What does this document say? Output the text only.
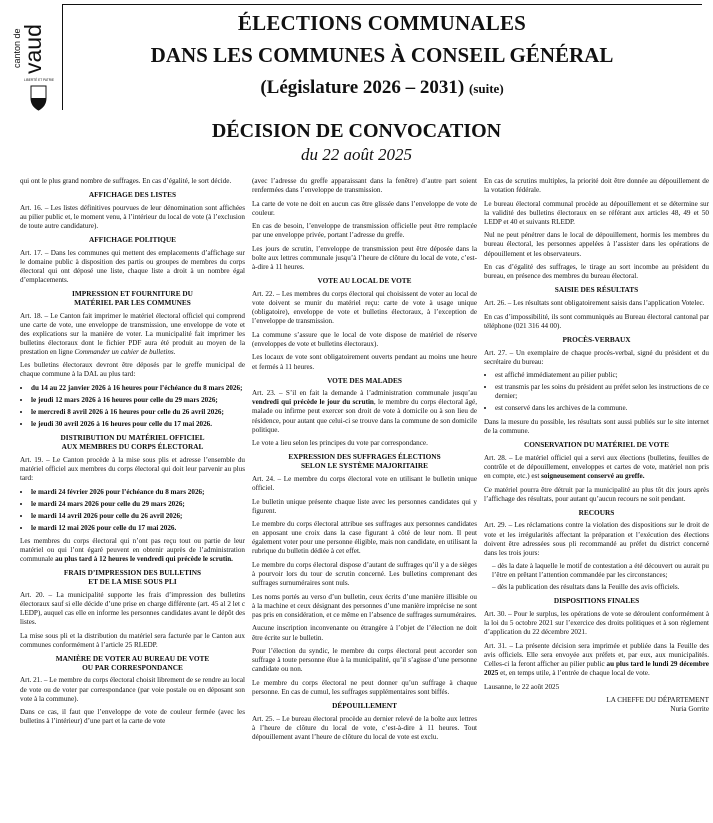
canton de
vaud
LIBERTÉ ET PATRIE
ÉLECTIONS COMMUNALES
DANS LES COMMUNES À CONSEIL GÉNÉRAL
(Législature 2026 – 2031) (suite)
DÉCISION DE CONVOCATION
du 22 août 2025

qui ont le plus grand nombre de suffrages. En cas d’égalité, le sort décide.

AFFICHAGE DES LISTES

Art. 16. – Les listes définitives pourvues de leur dénomination sont affichées au pilier public et, le moment venu, à l’intérieur du local de vote (à l’exclusion de toute autre candidature).

AFFICHAGE POLITIQUE

Art. 17. – Dans les communes qui mettent des emplacements d’affichage sur le domaine public à disposition des partis ou groupes de membres du corps électoral qui ont déposé une liste, chaque liste a droit à un nombre égal d’emplacements.

IMPRESSION ET FOURNITURE DU
MATÉRIEL PAR LES COMMUNES

Art. 18. – Le Canton fait imprimer le matériel électoral officiel qui comprend une carte de vote, une enveloppe de transmission, une enveloppe de vote et des explications sur la manière de voter. La municipalité fait imprimer les bulletins électoraux dont le fichier PDF aura été produit au moyen de la prestation en ligne Commander un cahier de bulletins.

Les bulletins électoraux devront être déposés par le greffe municipal de chaque commune à la DAL au plus tard:

• du 14 au 22 janvier 2026 à 16 heures pour l’échéance du 8 mars 2026;
• le jeudi 12 mars 2026 à 16 heures pour celle du 29 mars 2026;
• le mercredi 8 avril 2026 à 16 heures pour celle du 26 avril 2026;
• le jeudi 30 avril 2026 à 16 heures pour celle du 17 mai 2026.
DISTRIBUTION DU MATÉRIEL OFFICIEL
AUX MEMBRES DU CORPS ÉLECTORAL

Art. 19. – Le Canton procède à la mise sous plis et adresse l’ensemble du matériel officiel aux membres du corps électoral qui doit leur parvenir au plus tard:

• le mardi 24 février 2026 pour l’échéance du 8 mars 2026;
• le mardi 24 mars 2026 pour celle du 29 mars 2026;
• le mardi 14 avril 2026 pour celle du 26 avril 2026;
• le mardi 12 mai 2026 pour celle du 17 mai 2026.

Les membres du corps électoral qui n’ont pas reçu tout ou partie de leur matériel ou qui l’ont égaré peuvent en obtenir auprès de l’administration communale au plus tard à 12 heures le vendredi qui précède le scrutin.

FRAIS D’IMPRESSION DES BULLETINS
ET DE LA MISE SOUS PLI

Art. 20. – La municipalité supporte les frais d’impression des bulletins électoraux sauf si elle décide d’une prise en charge différente (art. 45 al 2 let c LEDP), auquel cas elle en informe les personnes candidates avant le dépôt des listes.

La mise sous pli et la distribution du matériel sera facturée par le Canton aux communes conformément à l’article 25 RLEDP.

MANIÈRE DE VOTER AU BUREAU DE VOTE
OU PAR CORRESPONDANCE

Art. 21. – Le membre du corps électoral choisit librement de se rendre au local de vote ou de voter par correspondance (par voie postale ou en déposant son vote à la commune).

Dans ce cas, il faut que l’enveloppe de vote de couleur fermée (avec les bulletins à l’intérieur) d’une part et la carte de vote

(avec l’adresse du greffe apparaissant dans la fenêtre) d’autre part soient renfermées dans l’enveloppe de transmission.

La carte de vote ne doit en aucun cas être glissée dans l’enveloppe de vote de couleur.

En cas de besoin, l’enveloppe de transmission officielle peut être remplacée par une enveloppe privée, portant l’adresse du greffe.

Les jours de scrutin, l’enveloppe de transmission peut être déposée dans la boîte aux lettres communale jusqu’à l’heure de clôture du local de vote, c’est-à-dire à 11 heures.

VOTE AU LOCAL DE VOTE

Art. 22. – Les membres du corps électoral qui choisissent de voter au local de vote doivent se munir du matériel reçu: carte de vote à usage unique (obligatoire), enveloppe de vote et bulletins électoraux, à l’exception de l’enveloppe de transmission.

La commune s’assure que le local de vote dispose de matériel de réserve (enveloppes de vote et bulletins électoraux).

Les locaux de vote sont obligatoirement ouverts pendant au moins une heure et fermés à 11 heures.

VOTE DES MALADES

Art. 23. – S’il en fait la demande à l’administration communale jusqu’au vendredi qui précède le jour du scrutin, le membre du corps électoral âgé, malade ou infirme peut exercer son droit de vote à domicile ou à son lieu de résidence, pour autant que celui-ci se trouve dans la commune de son domicile politique.

Le vote a lieu selon les principes du vote par correspondance.

EXPRESSION DES SUFFRAGES ÉLECTIONS
SELON LE SYSTÈME MAJORITAIRE

Art. 24. – Le membre du corps électoral vote en utilisant le bulletin unique officiel.

Le bulletin unique présente chaque liste avec les personnes candidates qui y figurent.

Le membre du corps électoral attribue ses suffrages aux personnes candidates en apposant une croix dans la case figurant à côté de leur nom. Il peut également voter pour une personne éligible, mais non candidate, en utilisant la rubrique du bulletin dédiée à cet effet.

Le membre du corps électoral dispose d’autant de suffrages qu’il y a de sièges à pourvoir lors du tour de scrutin concerné. Les bulletins comprenant des suffrages surnuméraires sont nuls.

Les noms portés au verso d’un bulletin, ceux écrits d’une manière illisible ou à la machine et ceux désignant des personnes d’une manière imprécise ne sont pas pris en considération, et ce même en l’absence de suffrages surnuméraires.

Aucune inscription inconvenante ou étrangère à l’objet de l’élection ne doit être écrite sur le bulletin.

Pour l’élection du syndic, le membre du corps électoral peut accorder son suffrage à toute personne élue à la municipalité, qu’il s’agisse d’une personne candidate ou non.

Le membre du corps électoral ne peut donner qu’un suffrage à chaque personne. En cas de cumul, les suffrages supplémentaires sont biffés.

DÉPOUILLEMENT

Art. 25. – Le bureau électoral procède au dernier relevé de la boîte aux lettres à l’heure de clôture du local de vote, c’est-à-dire à 11 heures. Tout dépouillement avant l’heure de clôture du local de vote est exclu.

En cas de scrutins multiples, la priorité doit être donnée au dépouillement de la votation fédérale.

Le bureau électoral communal procède au dépouillement et se détermine sur la validité des bulletins électoraux en se référant aux articles 48, 49 et 50 LEDP et 40 et suivants RLEDP.

Nul ne peut pénétrer dans le local de dépouillement, hormis les membres du bureau électoral, les personnes appelées à l’assister dans les opérations de dépouillement et les observateurs.

En cas d’égalité des suffrages, le tirage au sort incombe au président du bureau, en présence des membres du bureau électoral.

SAISIE DES RÉSULTATS

Art. 26. – Les résultats sont obligatoirement saisis dans l’application Votelec.

En cas d’impossibilité, ils sont communiqués au Bureau électoral cantonal par téléphone (021 316 44 00).

PROCÈS-VERBAUX

Art. 27. – Un exemplaire de chaque procès-verbal, signé du président et du secrétaire du bureau:

• est affiché immédiatement au pilier public;
• est transmis par les soins du président au préfet selon les instructions de ce dernier;
• est conservé dans les archives de la commune.

Dans la mesure du possible, les résultats sont aussi publiés sur le site internet de la commune.

CONSERVATION DU MATÉRIEL DE VOTE

Art. 28. – Le matériel officiel qui a servi aux élections (bulletins, feuilles de contrôle et de dépouillement, enveloppes et cartes de vote, matériel non pris en compte, etc.) est soigneusement conservé au greffe.

Ce matériel pourra être détruit par la municipalité au plus tôt dix jours après l’affichage des résultats, pour autant qu’aucun recours ne soit pendant.

RECOURS

Art. 29. – Les réclamations contre la violation des dispositions sur le droit de vote et les irrégularités affectant la préparation et l’exécution des élections doivent être adressées sous pli recommandé au préfet du district concerné dans les trois jours:

– dès la date à laquelle le motif de contestation a été découvert ou aurait pu l’être en prêtant l’attention commandée par les circonstances;
– dès la publication des résultats dans la Feuille des avis officiels.
DISPOSITIONS FINALES

Art. 30. – Pour le surplus, les opérations de vote se déroulent conformément à la loi du 5 octobre 2021 sur l’exercice des droits politiques et à son règlement d’application du 22 décembre 2021.

Art. 31. – La présente décision sera imprimée et publiée dans la Feuille des avis officiels. Elle sera envoyée aux préfets et, par eux, aux municipalités. Celles-ci la feront afficher au pilier public au plus tard le lundi 29 décembre 2025 et, en temps utile, à l’entrée de chaque local de vote.

Lausanne, le 22 août 2025

LA CHEFFE DU DÉPARTEMENT
Nuria Gorrite
